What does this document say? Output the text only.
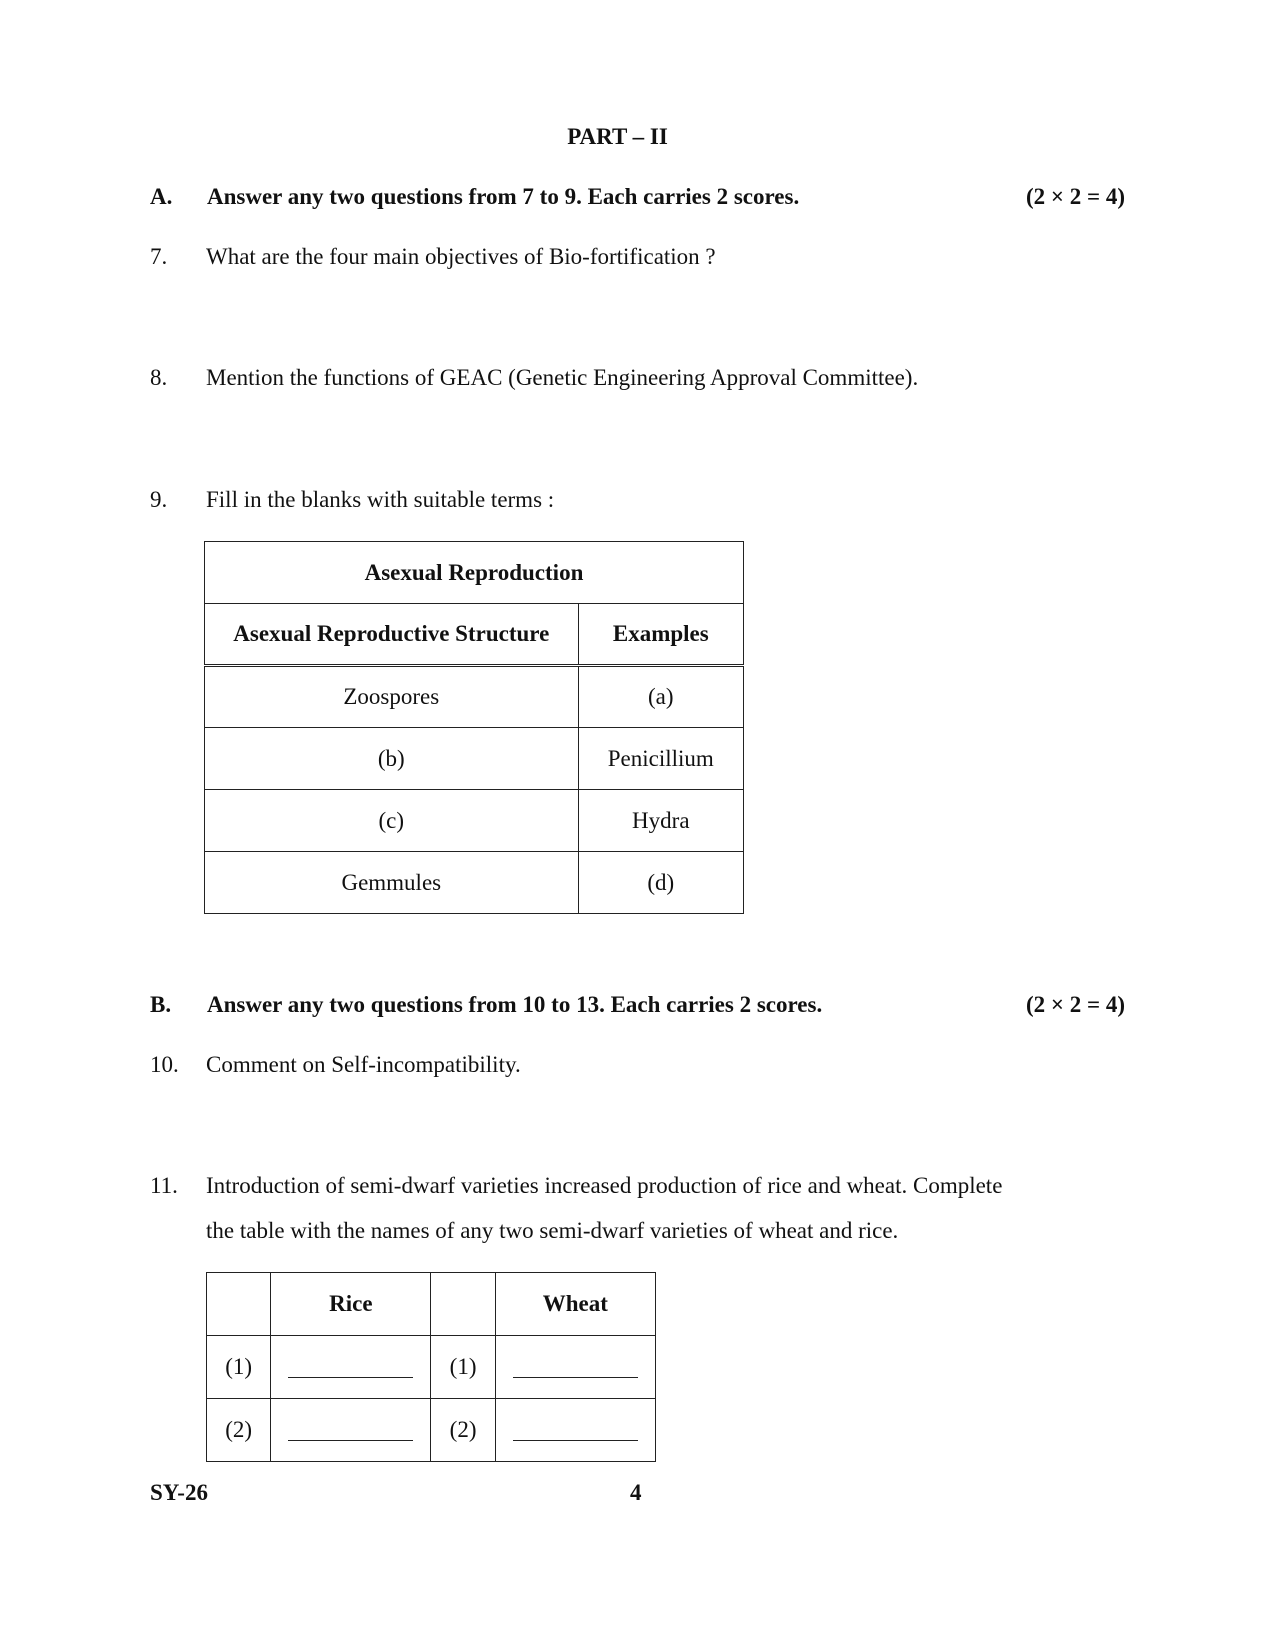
PART – II
A. Answer any two questions from 7 to 9. Each carries 2 scores.	(2 × 2 = 4)
7. What are the four main objectives of Bio-fortification ?
8. Mention the functions of GEAC (Genetic Engineering Approval Committee).
9. Fill in the blanks with suitable terms :
Asexual Reproduction	
Asexual Reproductive Structure	Examples
Zoospores	(a)
(b)	Penicillium
(c)	Hydra
Gemmules	(d)
B. Answer any two questions from 10 to 13. Each carries 2 scores.	(2 × 2 = 4)
10. Comment on Self-incompatibility.
11. Introduction of semi-dwarf varieties increased production of rice and wheat. Complete
the table with the names of any two semi-dwarf varieties of wheat and rice.
	Rice		Wheat
(1)		(1)	
(2)		(2)	
SY-26	4
